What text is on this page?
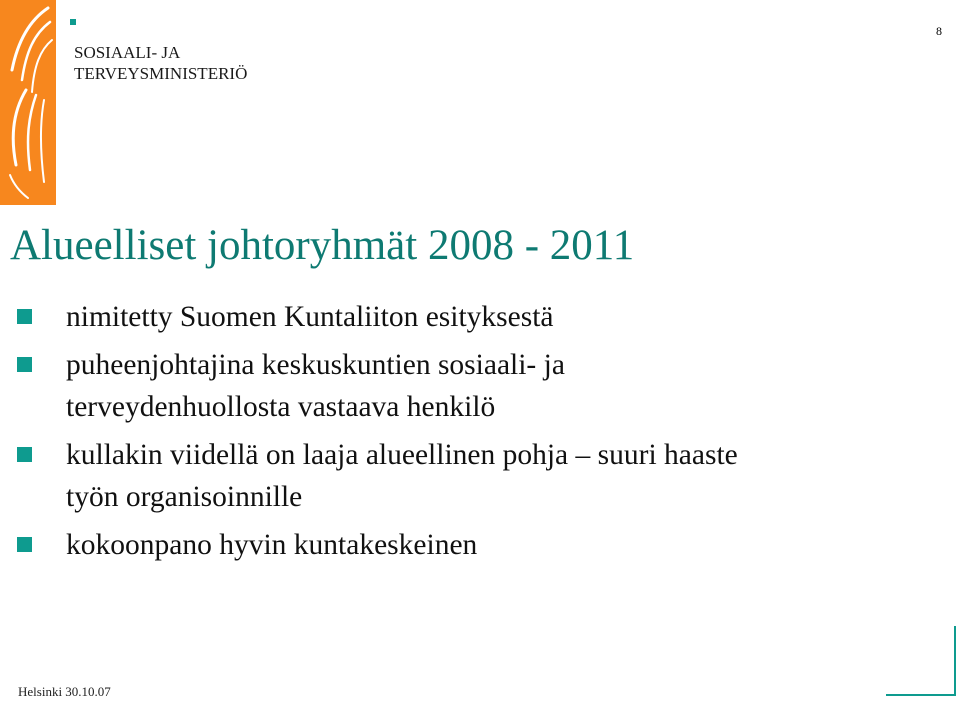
SOSIAALI- JA
TERVEYSMINISTERIÖ
8
Alueelliset johtoryhmät 2008 - 2011
nimitetty Suomen Kuntaliiton esityksestä
puheenjohtajina keskuskuntien sosiaali- ja
terveydenhuollosta vastaava henkilö
kullakin viidellä on laaja alueellinen pohja – suuri haaste
työn organisoinnille
kokoonpano hyvin kuntakeskeinen
Helsinki 30.10.07
